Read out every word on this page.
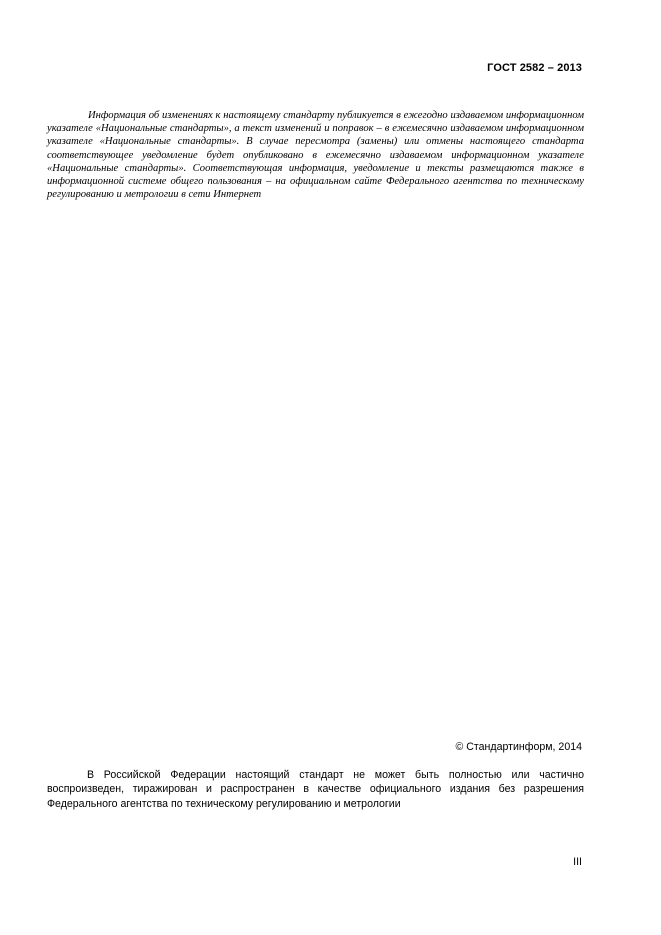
ГОСТ 2582 – 2013

Информация об изменениях к настоящему стандарту публикуется в ежегодно издаваемом информационном указателе «Национальные стандарты», а текст изменений и поправок – в ежемесячно издаваемом информационном указателе «Национальные стандарты». В случае пересмотра (замены) или отмены настоящего стандарта соответствующее уведомление будет опубликовано в ежемесячно издаваемом информационном указателе «Национальные стандарты». Соответствующая информация, уведомление и тексты размещаются также в информационной системе общего пользования – на официальном сайте Федерального агентства по техническому регулированию и метрологии в сети Интернет

© Стандартинформ, 2014

В Российской Федерации настоящий стандарт не может быть полностью или частично воспроизведен, тиражирован и распространен в качестве официального издания без разрешения Федерального агентства по техническому регулированию и метрологии

III
